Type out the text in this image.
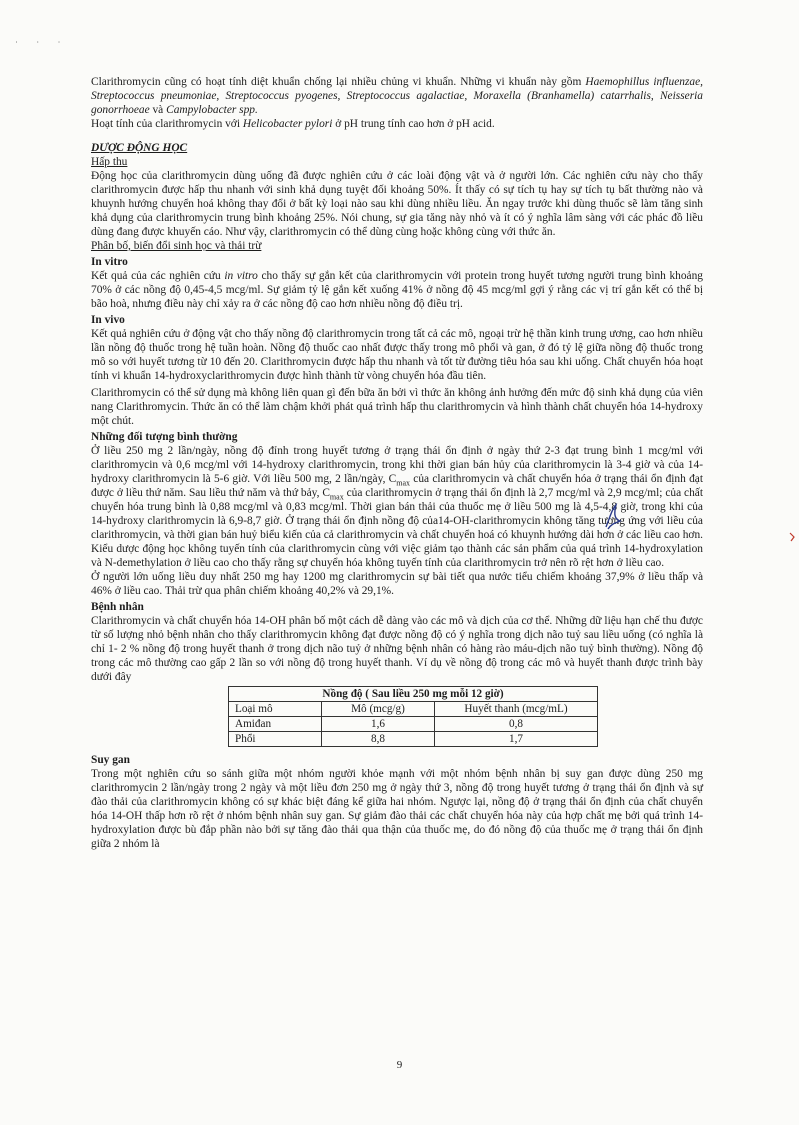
˙ ˙ ˙

Clarithromycin cũng có hoạt tính diệt khuẩn chống lại nhiều chủng vi khuẩn. Những vi khuẩn này gồm Haemophillus influenzae, Streptococcus pneumoniae, Streptococcus pyogenes, Streptococcus agalactiae, Moraxella (Branhamella) catarrhalis, Neisseria gonorrhoeae và Campylobacter spp.

Hoạt tính của clarithromycin với Helicobacter pylori ở pH trung tính cao hơn ở pH acid.

DƯỢC ĐỘNG HỌC

Hấp thu

Động học của clarithromycin dùng uống đã được nghiên cứu ở các loài động vật và ở người lớn. Các nghiên cứu này cho thấy clarithromycin được hấp thu nhanh với sinh khả dụng tuyệt đối khoảng 50%. Ít thấy có sự tích tụ hay sự tích tụ bất thường nào và khuynh hướng chuyển hoá không thay đổi ở bất kỳ loại nào sau khi dùng nhiều liều. Ăn ngay trước khi dùng thuốc sẽ làm tăng sinh khả dụng của clarithromycin trung bình khoảng 25%. Nói chung, sự gia tăng này nhỏ và ít có ý nghĩa lâm sàng với các phác đồ liều dùng đang được khuyến cáo. Như vậy, clarithromycin có thể dùng cùng hoặc không cùng với thức ăn.

Phân bố, biến đổi sinh học và thải trừ

In vitro

Kết quả của các nghiên cứu in vitro cho thấy sự gắn kết của clarithromycin với protein trong huyết tương người trung bình khoảng 70% ở các nồng độ 0,45-4,5 mcg/ml. Sự giảm tỷ lệ gắn kết xuống 41% ở nồng độ 45 mcg/ml gợi ý rằng các vị trí gắn kết có thể bị bão hoà, nhưng điều này chỉ xảy ra ở các nồng độ cao hơn nhiều nồng độ điều trị.

In vivo

Kết quả nghiên cứu ở động vật cho thấy nồng độ clarithromycin trong tất cả các mô, ngoại trừ hệ thần kinh trung ương, cao hơn nhiều lần nồng độ thuốc trong hệ tuần hoàn. Nồng độ thuốc cao nhất được thấy trong mô phổi và gan, ở đó tỷ lệ giữa nồng độ thuốc trong mô so với huyết tương từ 10 đến 20. Clarithromycin được hấp thu nhanh và tốt từ đường tiêu hóa sau khi uống. Chất chuyển hóa hoạt tính vi khuẩn 14-hydroxyclarithromycin được hình thành từ vòng chuyển hóa đầu tiên.

Clarithromycin có thể sử dụng mà không liên quan gì đến bữa ăn bởi vì thức ăn không ảnh hưởng đến mức độ sinh khả dụng của viên nang Clarithromycin. Thức ăn có thể làm chậm khởi phát quá trình hấp thu clarithromycin và hình thành chất chuyển hóa 14-hydroxy một chút.

Những đối tượng bình thường

Ở liều 250 mg 2 lần/ngày, nồng độ đỉnh trong huyết tương ở trạng thái ổn định ở ngày thứ 2-3 đạt trung bình 1 mcg/ml với clarithromycin và 0,6 mcg/ml với 14-hydroxy clarithromycin, trong khi thời gian bán hủy của clarithromycin là 3-4 giờ và của 14-hydroxy clarithromycin là 5-6 giờ. Với liều 500 mg, 2 lần/ngày, $C_{max}$ của clarithromycin và chất chuyển hóa ở trạng thái ổn định đạt được ở liều thứ năm. Sau liều thứ năm và thứ bảy, $C_{max}$ của clarithromycin ở trạng thái ổn định là 2,7 mcg/ml và 2,9 mcg/ml; của chất chuyển hóa trung bình là 0,88 mcg/ml và 0,83 mcg/ml. Thời gian bán thải của thuốc mẹ ở liều 500 mg là 4,5-4,8 giờ, trong khi của 14-hydroxy clarithromycin là 6,9-8,7 giờ. Ở trạng thái ổn định nồng độ của14-OH-clarithromycin không tăng tương ứng với liều của clarithromycin, và thời gian bán huỷ biểu kiến của cả clarithromycin và chất chuyển hoá có khuynh hướng dài hơn ở các liều cao hơn. Kiểu dược động học không tuyến tính của clarithromycin cùng với việc giảm tạo thành các sản phẩm của quá trình 14-hydroxylation và N-demethylation ở liều cao cho thấy rằng sự chuyển hóa không tuyến tính của clarithromycin trở nên rõ rệt hơn ở liều cao.

Ở người lớn uống liều duy nhất 250 mg hay 1200 mg clarithromycin sự bài tiết qua nước tiểu chiếm khoảng 37,9% ở liều thấp và 46% ở liều cao. Thải trừ qua phân chiếm khoảng 40,2% và 29,1%.

Bệnh nhân

Clarithromycin và chất chuyển hóa 14-OH phân bố một cách dễ dàng vào các mô và dịch của cơ thể. Những dữ liệu hạn chế thu được từ số lượng nhỏ bệnh nhân cho thấy clarithromycin không đạt được nồng độ có ý nghĩa trong dịch não tuỷ sau liều uống (có nghĩa là chỉ 1- 2 % nồng độ trong huyết thanh ở trong dịch não tuỷ ở những bệnh nhân có hàng rào máu-dịch não tuỷ bình thường). Nồng độ trong các mô thường cao gấp 2 lần so với nồng độ trong huyết thanh. Ví dụ về nồng độ trong các mô và huyết thanh được trình bày dưới đây

Nồng độ ( Sau liều 250 mg mỗi 12 giờ)		
Loại mô	Mô (mcg/g)	Huyết thanh (mcg/mL)
Amiđan	1,6	0,8
Phổi	8,8	1,7

Suy gan

Trong một nghiên cứu so sánh giữa một nhóm người khỏe mạnh với một nhóm bệnh nhân bị suy gan được dùng 250 mg clarithromycin 2 lần/ngày trong 2 ngày và một liều đơn 250 mg ở ngày thứ 3, nồng độ trong huyết tương ở trạng thái ổn định và sự đào thải của clarithromycin không có sự khác biệt đáng kể giữa hai nhóm. Ngược lại, nồng độ ở trạng thái ổn định của chất chuyển hóa 14-OH thấp hơn rõ rệt ở nhóm bệnh nhân suy gan. Sự giảm đào thải các chất chuyển hóa này của hợp chất mẹ bởi quá trình 14-hydroxylation được bù đắp phần nào bởi sự tăng đào thải qua thận của thuốc mẹ, do đó nồng độ của thuốc mẹ ở trạng thái ổn định giữa 2 nhóm là

9
